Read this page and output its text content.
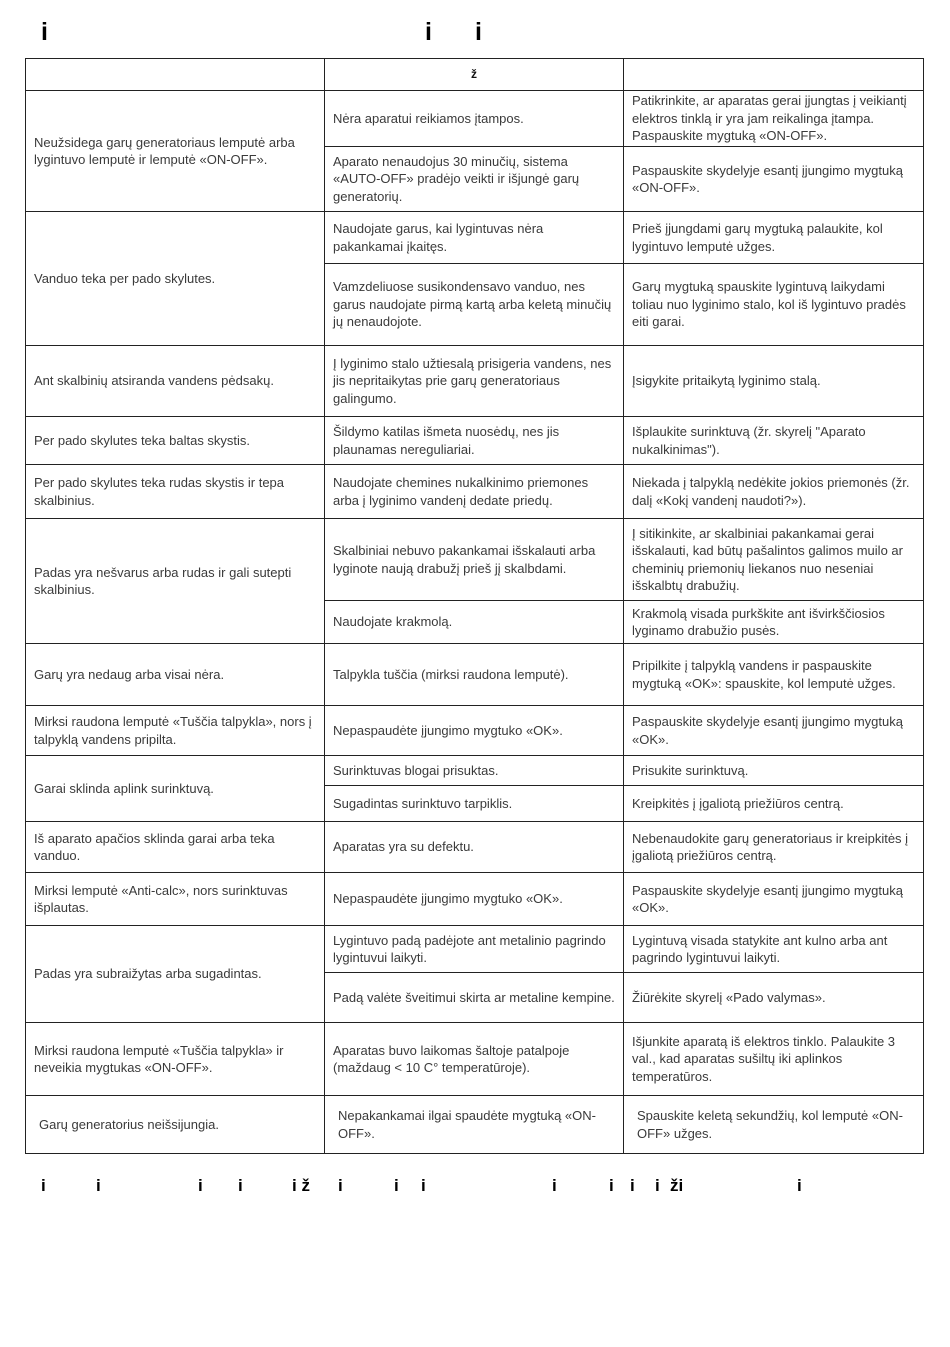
i	i i
	ž	
Neužsidega garų generatoriaus lemputė arba lygintuvo lemputė ir lemputė «ON-OFF».	Nėra aparatui reikiamos įtampos.	Patikrinkite, ar aparatas gerai įjungtas į veikiantį elektros tinklą ir yra jam reikalinga įtampa. Paspauskite mygtuką «ON-OFF».
	Aparato nenaudojus 30 minučių, sistema «AUTO-OFF» pradėjo veikti ir išjungė garų generatorių.	Paspauskite skydelyje esantį įjungimo mygtuką «ON-OFF».
Vanduo teka per pado skylutes.	Naudojate garus, kai lygintuvas nėra pakankamai įkaitęs.	Prieš įjungdami garų mygtuką palaukite, kol lygintuvo lemputė užges.
	Vamzdeliuose susikondensavo vanduo, nes garus naudojate pirmą kartą arba keletą minučių jų nenaudojote.	Garų mygtuką spauskite lygintuvą laikydami toliau nuo lyginimo stalo, kol iš lygintuvo pradės eiti garai.
Ant skalbinių atsiranda vandens pėdsakų.	Į lyginimo stalo užtiesalą prisigeria vandens, nes jis nepritaikytas prie garų generatoriaus galingumo.	Įsigykite pritaikytą lyginimo stalą.
Per pado skylutes teka baltas skystis.	Šildymo katilas išmeta nuosėdų, nes jis plaunamas nereguliariai.	Išplaukite surinktuvą (žr. skyrelį "Aparato nukalkinimas").
Per pado skylutes teka rudas skystis ir tepa skalbinius.	Naudojate chemines nukalkinimo priemones arba į lyginimo vandenį dedate priedų.	Niekada į talpyklą nedėkite jokios priemonės (žr. dalį «Kokį vandenį naudoti?»).
Padas yra nešvarus arba rudas ir gali sutepti skalbinius.	Skalbiniai nebuvo pakankamai išskalauti arba lyginote naują drabužį prieš jį skalbdami.	Į sitikinkite, ar skalbiniai pakankamai gerai išskalauti, kad būtų pašalintos galimos muilo ar cheminių priemonių liekanos nuo neseniai išskalbtų drabužių.
	Naudojate krakmolą.	Krakmolą visada purkškite ant išvirkščiosios lyginamo drabužio pusės.
Garų yra nedaug arba visai nėra.	Talpykla tuščia (mirksi raudona lemputė).	Pripilkite į talpyklą vandens ir paspauskite mygtuką «OK»: spauskite, kol lemputė užges.
Mirksi raudona lemputė «Tuščia talpykla», nors į talpyklą vandens pripilta.	Nepaspaudėte įjungimo mygtuko «OK».	Paspauskite skydelyje esantį įjungimo mygtuką «OK».
Garai sklinda aplink surinktuvą.	Surinktuvas blogai prisuktas.	Prisukite surinktuvą.
	Sugadintas surinktuvo tarpiklis.	Kreipkitės į įgaliotą priežiūros centrą.
Iš aparato apačios sklinda garai arba teka vanduo.	Aparatas yra su defektu.	Nebenaudokite garų generatoriaus ir kreipkitės į įgaliotą priežiūros centrą.
Mirksi lemputė «Anti-calc», nors surinktuvas išplautas.	Nepaspaudėte įjungimo mygtuko «OK».	Paspauskite skydelyje esantį įjungimo mygtuką «OK».
Padas yra subraižytas arba sugadintas.	Lygintuvo padą padėjote ant metalinio pagrindo lygintuvui laikyti.	Lygintuvą visada statykite ant kulno arba ant pagrindo lygintuvui laikyti.
	Padą valėte šveitimui skirta ar metaline kempine.	Žiūrėkite skyrelį «Pado valymas».
Mirksi raudona lemputė «Tuščia talpykla» ir neveikia mygtukas «ON-OFF».	Aparatas buvo laikomas šaltoje patalpoje (maždaug < 10 C° temperatūroje).	Išjunkite aparatą iš elektros tinklo. Palaukite 3 val., kad aparatas sušiltų iki aplinkos temperatūros.
Garų generatorius neišsijungia.	Nepakankamai ilgai spaudėte mygtuką «ON-OFF».	Spauskite keletą sekundžių, kol lemputė «ON-OFF» užges.
i	i	i i	i ž i	i i	i	i i i ži	i
